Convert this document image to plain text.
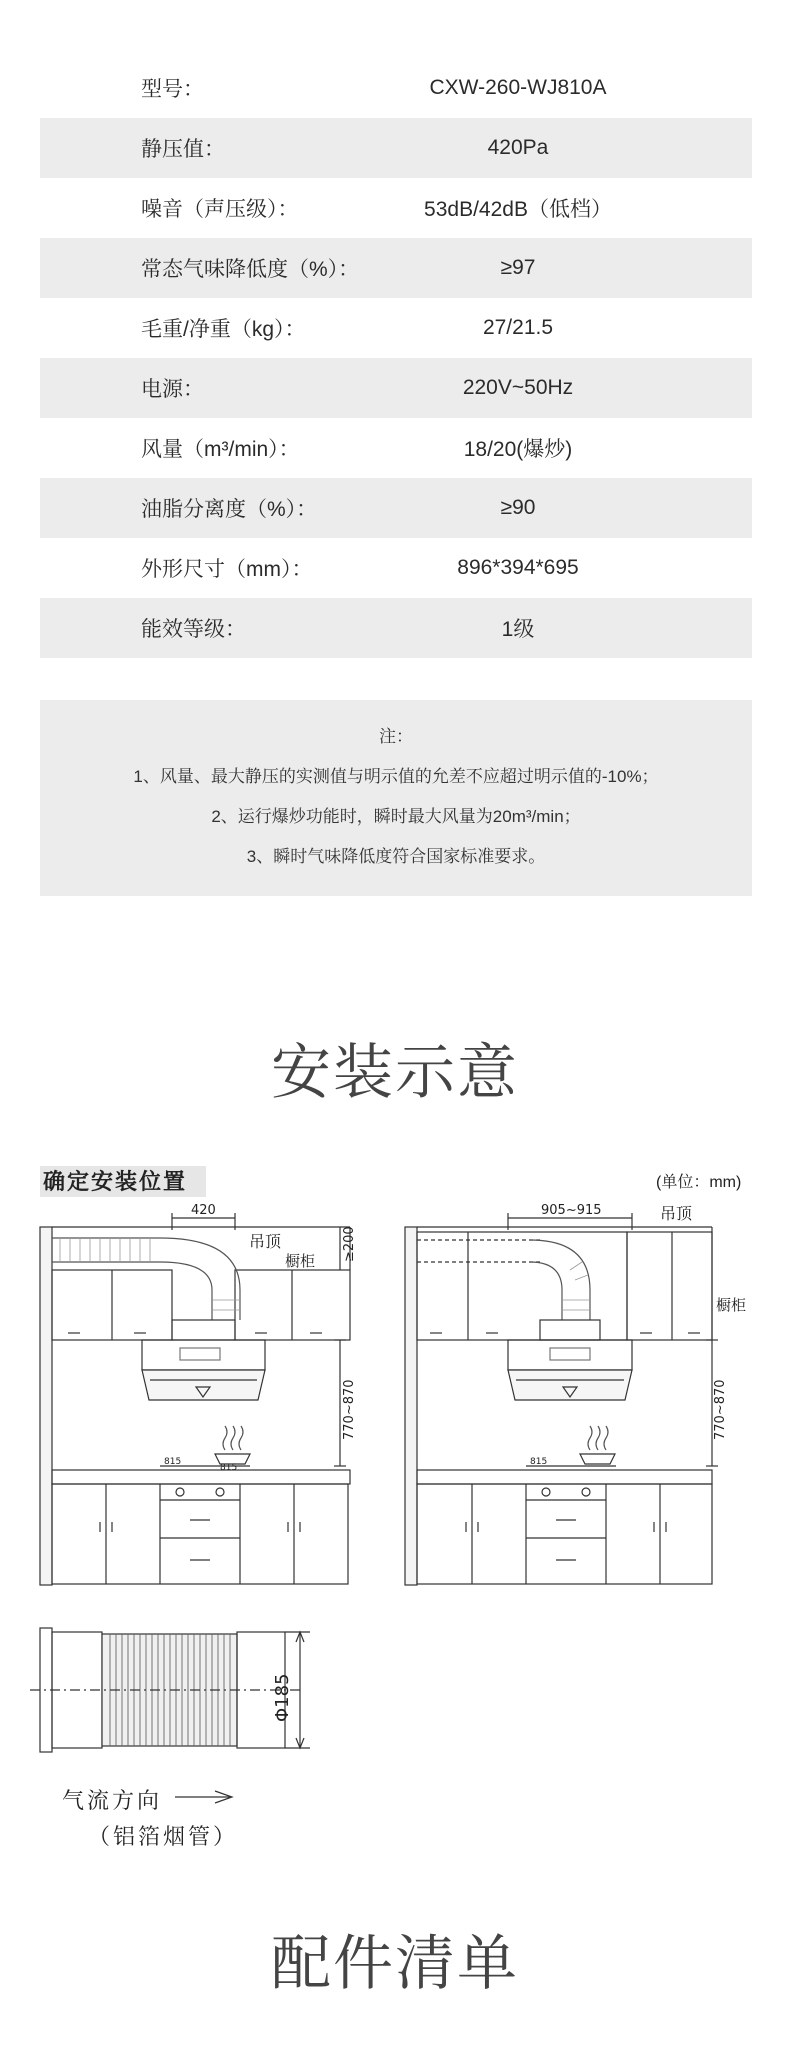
型号：	CXW-260-WJ810A
静压值：	420Pa
噪音（声压级）：	53dB/42dB（低档）
常态气味降低度（%）：	≥97
毛重/净重（kg）：	27/21.5
电源：	220V~50Hz
风量（m³/min）：	18/20(爆炒)
油脂分离度（%）：	≥90
外形尺寸（mm）：	896*394*695
能效等级：	1级
注：
1、风量、最大静压的实测值与明示值的允差不应超过明示值的-10%；
2、运行爆炒功能时，瞬时最大风量为20m³/min；
3、瞬时气味降低度符合国家标准要求。
安装示意
确定安装位置	(单位：mm)
420
吊顶
橱柜 ≥200
770~870
815
815
905~915	吊顶
橱柜
770~870
815
Φ185
气流方向
（铝箔烟管）
配件清单
